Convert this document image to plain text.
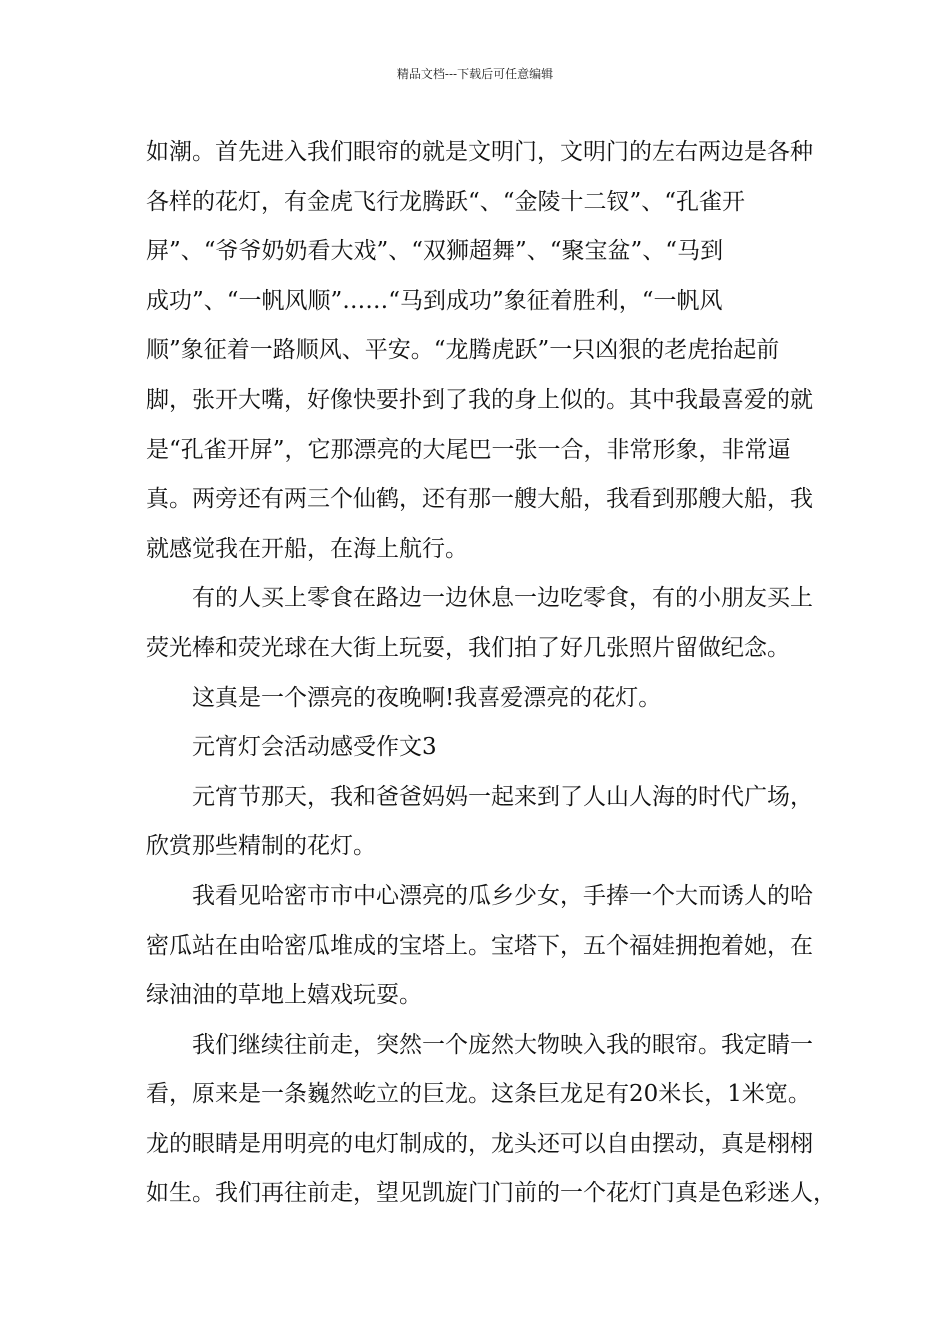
精品文档---下载后可任意编辑
如潮。首先进入我们眼帘的就是文明门，文明门的左右两边是各种
各样的花灯，有金虎飞行龙腾跃“、“金陵十二钗”、“孔雀开
屏”、“爷爷奶奶看大戏”、“双狮超舞”、“聚宝盆”、“马到
成功”、“一帆风顺”……“马到成功”象征着胜利，“一帆风
顺”象征着一路顺风、平安。“龙腾虎跃”一只凶狠的老虎抬起前
脚，张开大嘴，好像快要扑到了我的身上似的。其中我最喜爱的就
是“孔雀开屏”，它那漂亮的大尾巴一张一合，非常形象，非常逼
真。两旁还有两三个仙鹤，还有那一艘大船，我看到那艘大船，我
就感觉我在开船，在海上航行。
有的人买上零食在路边一边休息一边吃零食，有的小朋友买上
荧光棒和荧光球在大街上玩耍，我们拍了好几张照片留做纪念。
这真是一个漂亮的夜晚啊!我喜爱漂亮的花灯。
元宵灯会活动感受作文3
元宵节那天，我和爸爸妈妈一起来到了人山人海的时代广场，
欣赏那些精制的花灯。
我看见哈密市市中心漂亮的瓜乡少女，手捧一个大而诱人的哈
密瓜站在由哈密瓜堆成的宝塔上。宝塔下，五个福娃拥抱着她，在
绿油油的草地上嬉戏玩耍。
我们继续往前走，突然一个庞然大物映入我的眼帘。我定睛一
看，原来是一条巍然屹立的巨龙。这条巨龙足有20米长，1米宽。
龙的眼睛是用明亮的电灯制成的，龙头还可以自由摆动，真是栩栩
如生。我们再往前走，望见凯旋门门前的一个花灯门真是色彩迷人，
